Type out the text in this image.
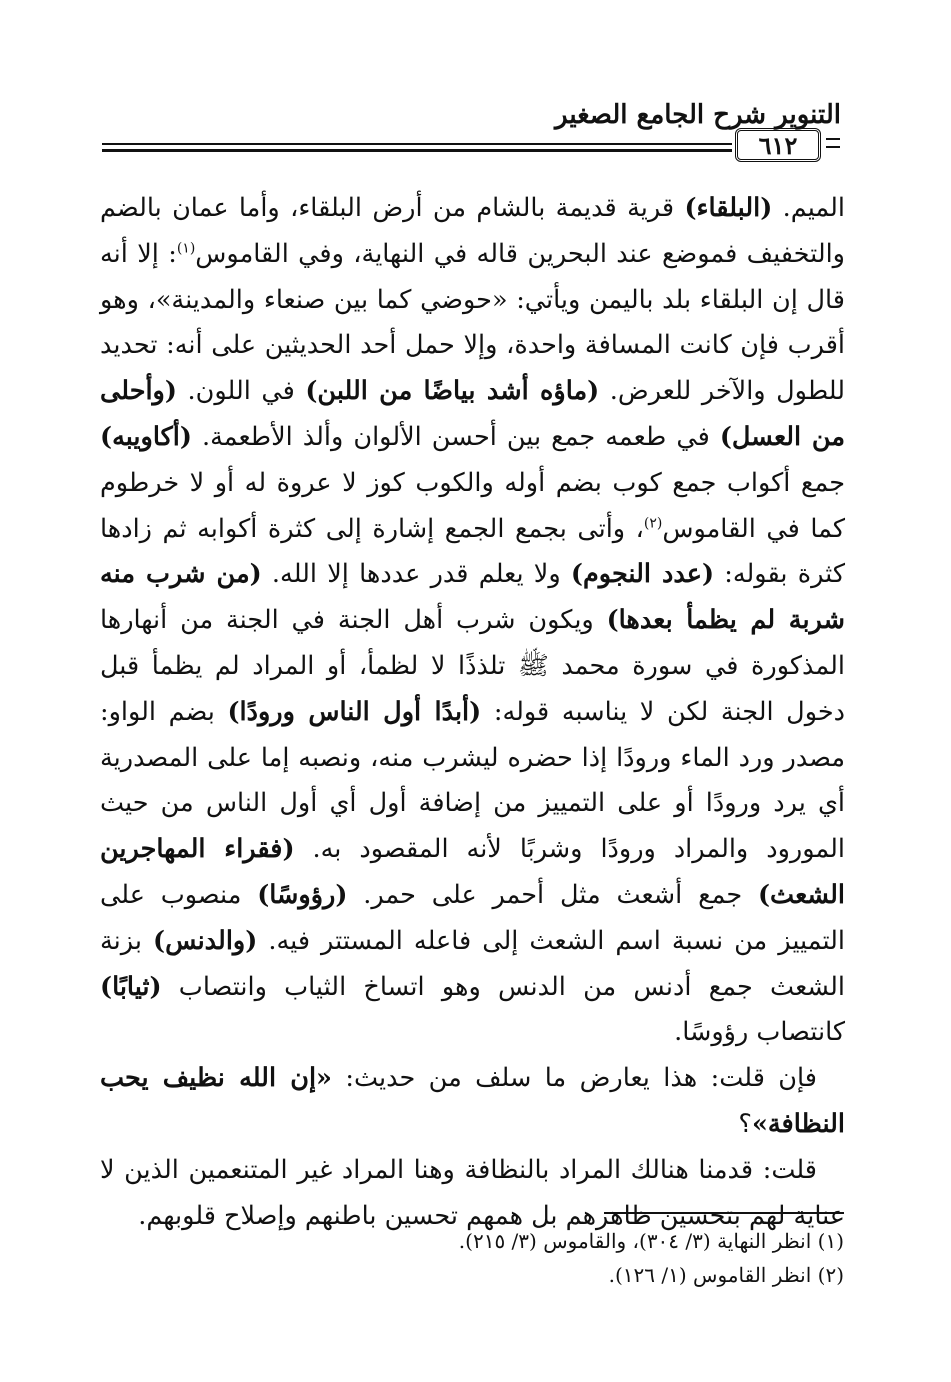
التنوير شرح الجامع الصغير
٦١٢

الميم. (البلقاء) قرية قديمة بالشام من أرض البلقاء، وأما عمان بالضم والتخفيف فموضع عند البحرين قاله في النهاية، وفي القاموس$^{(١)}$: إلا أنه قال إن البلقاء بلد باليمن ويأتي: «حوضي كما بين صنعاء والمدينة»، وهو أقرب فإن كانت المسافة واحدة، وإلا حمل أحد الحديثين على أنه: تحديد للطول والآخر للعرض. (ماؤه أشد بياضًا من اللبن) في اللون. (وأحلى من العسل) في طعمه جمع بين أحسن الألوان وألذ الأطعمة. (أكاويبه) جمع أكواب جمع كوب بضم أوله والكوب كوز لا عروة له أو لا خرطوم كما في القاموس$^{(٢)}$، وأتى بجمع الجمع إشارة إلى كثرة أكوابه ثم زادها كثرة بقوله: (عدد النجوم) ولا يعلم قدر عددها إلا الله. (من شرب منه شربة لم يظمأ بعدها) ويكون شرب أهل الجنة في الجنة من أنهارها المذكورة في سورة محمد ﷺ تلذذًا لا لظمأ، أو المراد لم يظمأ قبل دخول الجنة لكن لا يناسبه قوله: (أبدًا أول الناس ورودًا) بضم الواو: مصدر ورد الماء ورودًا إذا حضره ليشرب منه، ونصبه إما على المصدرية أي يرد ورودًا أو على التمييز من إضافة أول أي أول الناس من حيث المورود والمراد ورودًا وشربًا لأنه المقصود به. (فقراء المهاجرين الشعث) جمع أشعث مثل أحمر على حمر. (رؤوسًا) منصوب على التمييز من نسبة اسم الشعث إلى فاعله المستتر فيه. (والدنس) بزنة الشعث جمع أدنس من الدنس وهو اتساخ الثياب وانتصاب (ثيابًا) كانتصاب رؤوسًا.

فإن قلت: هذا يعارض ما سلف من حديث: «إن الله نظيف يحب النظافة»؟

قلت: قدمنا هنالك المراد بالنظافة وهنا المراد غير المتنعمين الذين لا عناية لهم بتحسين ظاهرهم بل همهم تحسين باطنهم وإصلاح قلوبهم.

(١) انظر النهاية (٣/ ٣٠٤)، والقاموس (٣/ ٢١٥).
(٢) انظر القاموس (١/ ١٢٦).
